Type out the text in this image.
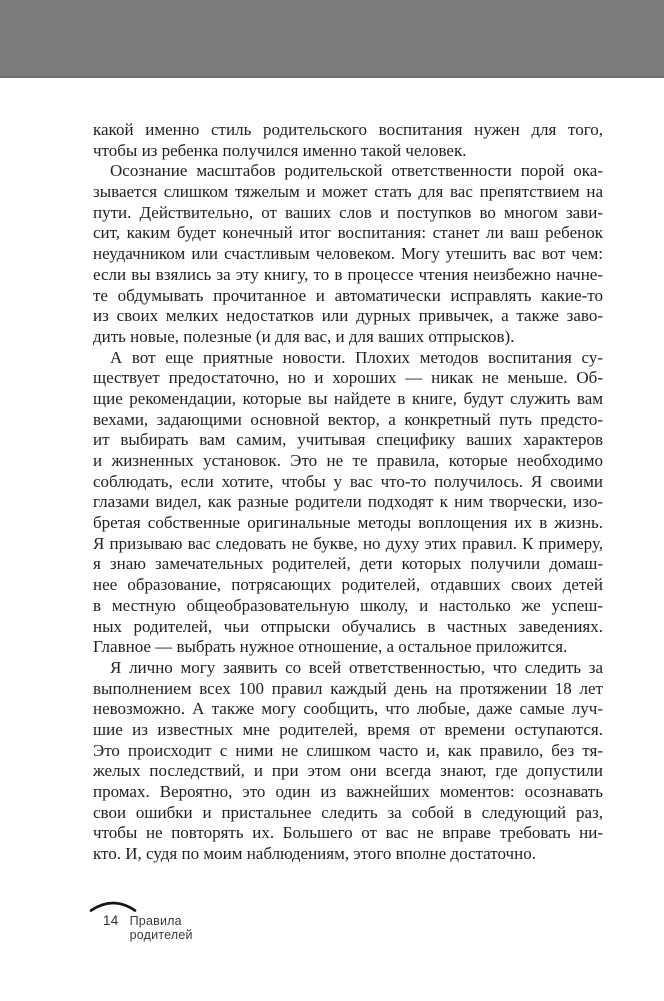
какой именно стиль родительского воспитания нужен для того,
чтобы из ребенка получился именно такой человек.
Осознание масштабов родительской ответственности порой ока-
зывается слишком тяжелым и может стать для вас препятствием на
пути. Действительно, от ваших слов и поступков во многом зави-
сит, каким будет конечный итог воспитания: станет ли ваш ребенок
неудачником или счастливым человеком. Могу утешить вас вот чем:
если вы взялись за эту книгу, то в процессе чтения неизбежно начне-
те обдумывать прочитанное и автоматически исправлять какие-то
из своих мелких недостатков или дурных привычек, а также заво-
дить новые, полезные (и для вас, и для ваших отпрысков).
А вот еще приятные новости. Плохих методов воспитания су-
ществует предостаточно, но и хороших — никак не меньше. Об-
щие рекомендации, которые вы найдете в книге, будут служить вам
вехами, задающими основной вектор, а конкретный путь предсто-
ит выбирать вам самим, учитывая специфику ваших характеров
и жизненных установок. Это не те правила, которые необходимо
соблюдать, если хотите, чтобы у вас что-то получилось. Я своими
глазами видел, как разные родители подходят к ним творчески, изо-
бретая собственные оригинальные методы воплощения их в жизнь.
Я призываю вас следовать не букве, но духу этих правил. К примеру,
я знаю замечательных родителей, дети которых получили домаш-
нее образование, потрясающих родителей, отдавших своих детей
в местную общеобразовательную школу, и настолько же успеш-
ных родителей, чьи отпрыски обучались в частных заведениях.
Главное — выбрать нужное отношение, а остальное приложится.
Я лично могу заявить со всей ответственностью, что следить за
выполнением всех 100 правил каждый день на протяжении 18 лет
невозможно. А также могу сообщить, что любые, даже самые луч-
шие из известных мне родителей, время от времени оступаются.
Это происходит с ними не слишком часто и, как правило, без тя-
желых последствий, и при этом они всегда знают, где допустили
промах. Вероятно, это один из важнейших моментов: осознавать
свои ошибки и пристальнее следить за собой в следующий раз,
чтобы не повторять их. Большего от вас не вправе требовать ни-
кто. И, судя по моим наблюдениям, этого вполне достаточно.
14 Правила родителей
